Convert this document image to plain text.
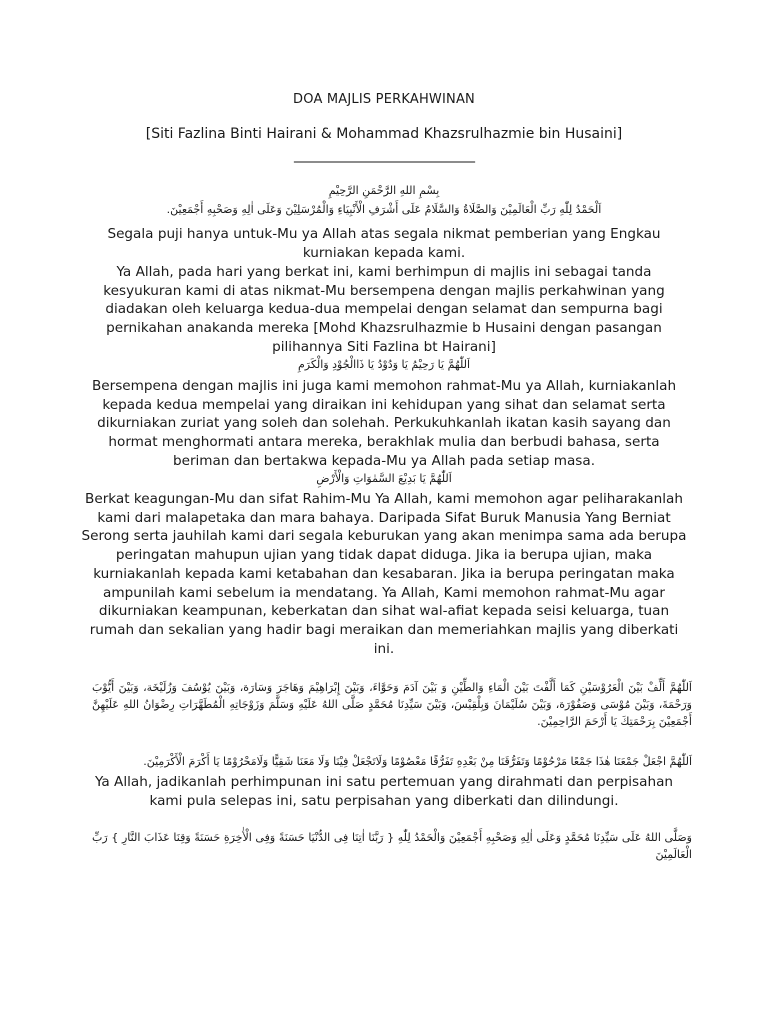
DOA MAJLIS PERKAHWINAN
[Siti Fazlina Binti Hairani & Mohammad Khazsrulhazmie bin Husaini]
______________________________
بِسْمِ اللهِ الرَّحْمَنِ الرَّحِيْمِ
اَلْحَمْدُ لِلّٰهِ رَبِّ الْعَالَمِيْنَ وَالصَّلَاةُ وَالسَّلَامُ عَلَى أَشْرَفِ الْأَنْبِيَاءِ وَالْمُرْسَلِيْنَ وَعَلَى اٰلِهِ وَصَحْبِهِ أَجْمَعِيْنَ.
Segala puji hanya untuk-Mu ya Allah atas segala nikmat pemberian yang Engkau kurniakan kepada kami.
Ya Allah, pada hari yang berkat ini, kami berhimpun di majlis ini sebagai tanda kesyukuran kami di atas nikmat-Mu bersempena dengan majlis perkahwinan yang diadakan oleh keluarga kedua-dua mempelai dengan selamat dan sempurna bagi pernikahan anakanda mereka [Mohd Khazsrulhazmie b Husaini dengan pasangan pilihannya Siti Fazlina bt Hairani]
اَللّٰهُمَّ يَا رَحِيْمُ يَا وَدُوْدُ يَا ذَاالْجُوْدِ وَالْكَرَمِ
Bersempena dengan majlis ini juga kami memohon rahmat-Mu ya Allah, kurniakanlah kepada kedua mempelai yang diraikan ini kehidupan yang sihat dan selamat serta dikurniakan zuriat yang soleh dan solehah. Perkukuhkanlah ikatan kasih sayang dan hormat menghormati antara mereka, berakhlak mulia dan berbudi bahasa, serta beriman dan bertakwa kepada-Mu ya Allah pada setiap masa.
اَللّٰهُمَّ يَا بَدِيْعَ السَّمٰوَاتِ وَالْأَرْضِ
Berkat keagungan-Mu dan sifat Rahim-Mu Ya Allah, kami memohon agar peliharakanlah kami dari malapetaka dan mara bahaya. Daripada Sifat Buruk Manusia Yang Berniat Serong serta jauhilah kami dari segala keburukan yang akan menimpa sama ada berupa peringatan mahupun ujian yang tidak dapat diduga. Jika ia berupa ujian, maka kurniakanlah kepada kami ketabahan dan kesabaran. Jika ia berupa peringatan maka ampunilah kami sebelum ia mendatang. Ya Allah, Kami memohon rahmat-Mu agar dikurniakan keampunan, keberkatan dan sihat wal-afiat kepada seisi keluarga, tuan rumah dan sekalian yang hadir bagi meraikan dan memeriahkan majlis yang diberkati ini.
اَللّٰهُمَّ أَلِّفْ بَيْنَ الْعَرُوْسَيْنِ كَمَا أَلَّفْتَ بَيْنَ الْمَاءِ وَالطِّيْنِ وَ بَيْنَ آدَمَ وَحَوَّاءَ، وَبَيْنَ إِبْرَاهِيْمَ وَهَاجَرَ وَسَارَة، وَبَيْنَ يُوْسُفَ وَزُلَيْخَة، وَبَيْنَ أَيُّوْبَ وَرَحْمَةَ، وَبَيْنَ مُوْسَى وَصَفُوْرَة، وَبَيْنَ سُلَيْمَانَ وَبِلْقِيْسَ، وَبَيْنَ سَيِّدِنَا مُحَمَّدٍ صَلَّى اللهُ عَلَيْهِ وَسَلَّمَ وَزَوْجَاتِهِ الْمُطَهَّرَاتِ رِضْوَانُ اللهِ عَلَيْهِنَّ أَجْمَعِيْنَ بِرَحْمَتِكَ يَا أَرْحَمَ الرَّاحِمِيْنَ.
اَللّٰهُمَّ اجْعَلْ جَمْعَنَا هٰذَا جَمْعًا مَرْحُوْمًا وَتَفَرُّقَنَا مِنْ بَعْدِهِ تَفَرُّقًا مَعْصُوْمًا وَلَاتَجْعَلْ فِيْنَا وَلَا مَعَنَا شَقِيًّا وَلَامَحْرُوْمًا يَا أَكْرَمَ الْأَكْرَمِيْنَ.
Ya Allah, jadikanlah perhimpunan ini satu pertemuan yang dirahmati dan perpisahan kami pula selepas ini, satu perpisahan yang diberkati dan dilindungi.
وَصَلَّى اللهُ عَلَى سَيِّدِنَا مُحَمَّدٍ وَعَلَى اٰلِهِ وَصَحْبِهِ أَجْمَعِيْنَ وَالْحَمْدُ لِلّٰهِ { رَبَّنَا اٰتِنَا فِى الدُّنْيَا حَسَنَةً وَفِى الْأٰخِرَةِ حَسَنَةً وَقِنَا عَذَابَ النَّارِ } رَبِّ الْعَالَمِيْنَ
